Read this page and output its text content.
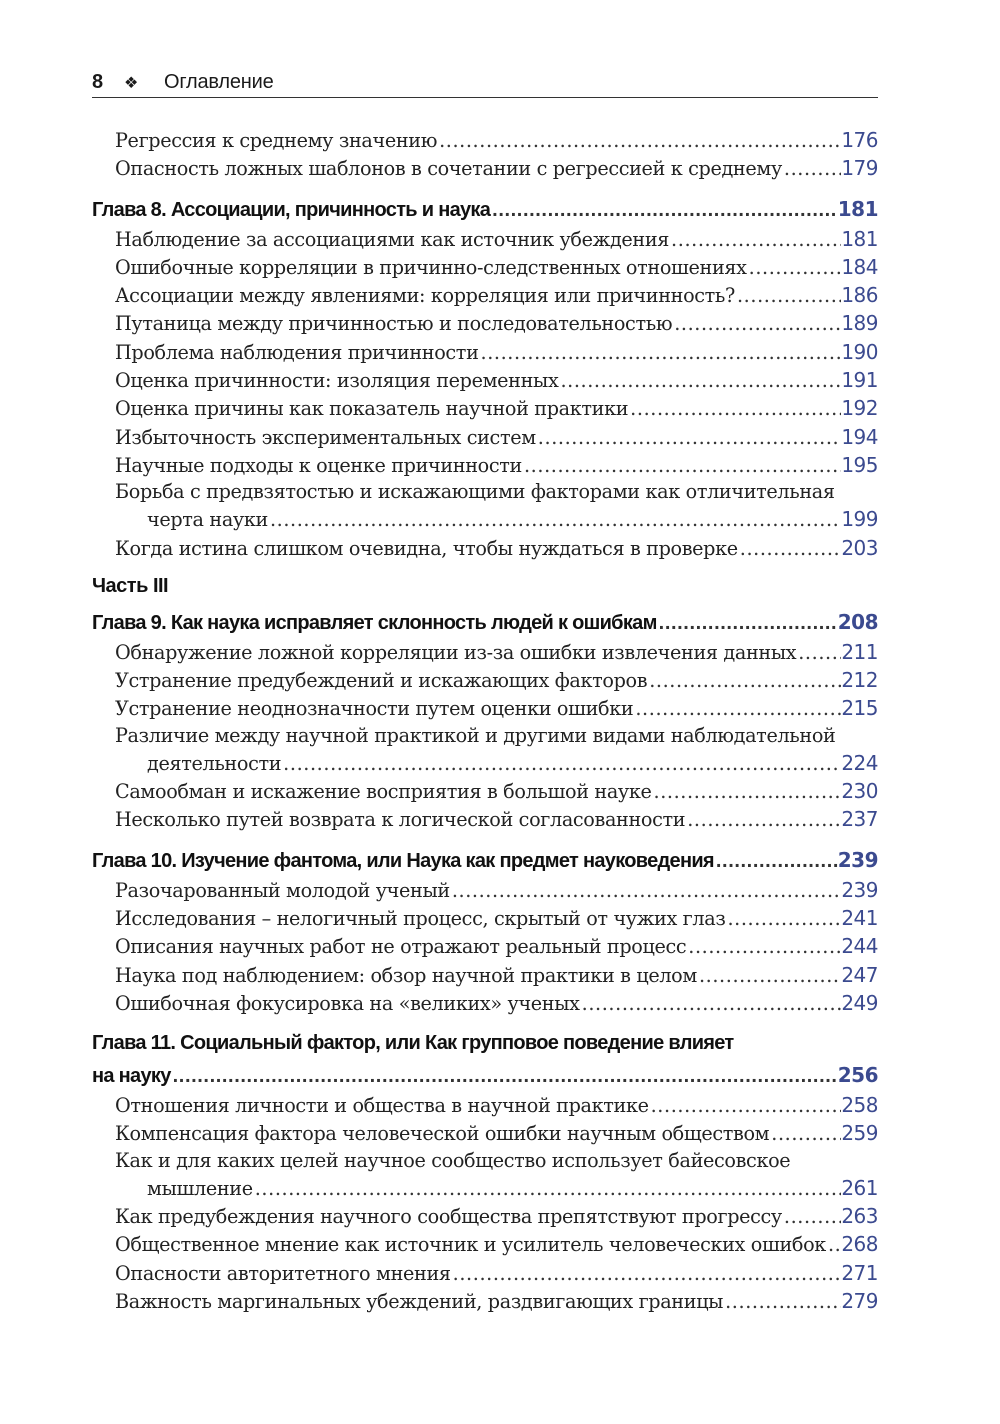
8	❖	Оглавление
Регрессия к среднему значению .....	176
Опасность ложных шаблонов в сочетании с регрессией к среднему .....	179
Глава 8. Ассоциации, причинность и наука .....	181
Наблюдение за ассоциациями как источник убеждения .....	181
Ошибочные корреляции в причинно-следственных отношениях .....	184
Ассоциации между явлениями: корреляция или причинность? .....	186
Путаница между причинностью и последовательностью .....	189
Проблема наблюдения причинности .....	190
Оценка причинности: изоляция переменных .....	191
Оценка причины как показатель научной практики .....	192
Избыточность экспериментальных систем .....	194
Научные подходы к оценке причинности .....	195
Борьба с предвзятостью и искажающими факторами как отличительная
черта науки .....	199
Когда истина слишком очевидна, чтобы нуждаться в проверке .....	203
Часть III
Глава 9. Как наука исправляет склонность людей к ошибкам .....	208
Обнаружение ложной корреляции из-за ошибки извлечения данных ..... 211
Устранение предубеждений и искажающих факторов .....	212
Устранение неоднозначности путем оценки ошибки .....	215
Различие между научной практикой и другими видами наблюдательной
деятельности .....	224
Самообман и искажение восприятия в большой науке .....	230
Несколько путей возврата к логической согласованности .....	237
Глава 10. Изучение фантома, или Наука как предмет науковедения .....	239
Разочарованный молодой ученый .....	239
Исследования – нелогичный процесс, скрытый от чужих глаз .....	241
Описания научных работ не отражают реальный процесс .....	244
Наука под наблюдением: обзор научной практики в целом .....	247
Ошибочная фокусировка на «великих» ученых .....	249
Глава 11. Социальный фактор, или Как групповое поведение влияет
на науку .....	256
Отношения личности и общества в научной практике .....	258
Компенсация фактора человеческой ошибки научным обществом .....	259
Как и для каких целей научное сообщество использует байесовское
мышление .....	261
Как предубеждения научного сообщества препятствуют прогрессу .....	263
Общественное мнение как источник и усилитель человеческих ошибок ..... 268
Опасности авторитетного мнения .....	271
Важность маргинальных убеждений, раздвигающих границы .....	279
